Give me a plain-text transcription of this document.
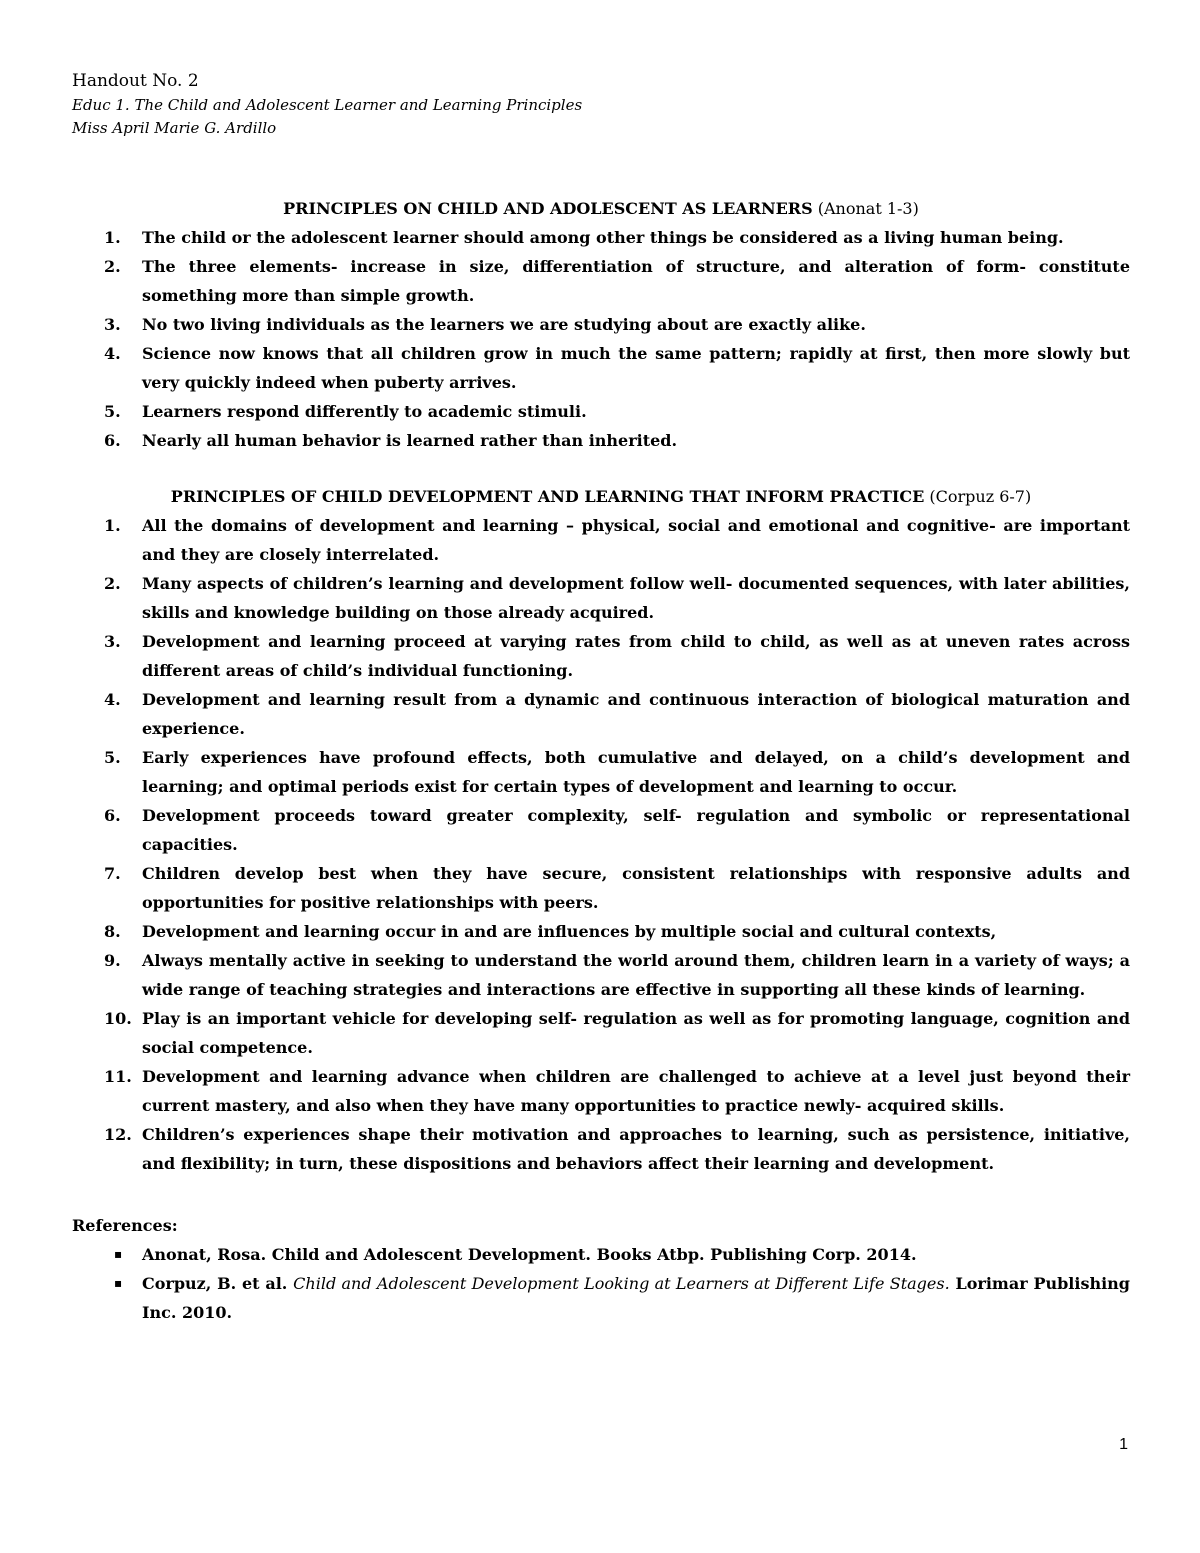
Handout No. 2
Educ 1. The Child and Adolescent Learner and Learning Principles
Miss April Marie G. Ardillo

PRINCIPLES ON CHILD AND ADOLESCENT AS LEARNERS (Anonat 1-3)

1. The child or the adolescent learner should among other things be considered as a living human being.
2. The three elements- increase in size, differentiation of structure, and alteration of form- constitute something more than simple growth.
3. No two living individuals as the learners we are studying about are exactly alike.
4. Science now knows that all children grow in much the same pattern; rapidly at first, then more slowly but very quickly indeed when puberty arrives.
5. Learners respond differently to academic stimuli.
6. Nearly all human behavior is learned rather than inherited.

PRINCIPLES OF CHILD DEVELOPMENT AND LEARNING THAT INFORM PRACTICE (Corpuz 6-7)

1. All the domains of development and learning – physical, social and emotional and cognitive- are important and they are closely interrelated.
2. Many aspects of children’s learning and development follow well- documented sequences, with later abilities, skills and knowledge building on those already acquired.
3. Development and learning proceed at varying rates from child to child, as well as at uneven rates across different areas of child’s individual functioning.
4. Development and learning result from a dynamic and continuous interaction of biological maturation and experience.
5. Early experiences have profound effects, both cumulative and delayed, on a child’s development and learning; and optimal periods exist for certain types of development and learning to occur.
6. Development proceeds toward greater complexity, self- regulation and symbolic or representational capacities.
7. Children develop best when they have secure, consistent relationships with responsive adults and opportunities for positive relationships with peers.
8. Development and learning occur in and are influences by multiple social and cultural contexts,
9. Always mentally active in seeking to understand the world around them, children learn in a variety of ways; a wide range of teaching strategies and interactions are effective in supporting all these kinds of learning.
10. Play is an important vehicle for developing self- regulation as well as for promoting language, cognition and social competence.
11. Development and learning advance when children are challenged to achieve at a level just beyond their current mastery, and also when they have many opportunities to practice newly- acquired skills.
12. Children’s experiences shape their motivation and approaches to learning, such as persistence, initiative, and flexibility; in turn, these dispositions and behaviors affect their learning and development.
References:
▪ Anonat, Rosa. Child and Adolescent Development. Books Atbp. Publishing Corp. 2014.
▪ Corpuz, B. et al. Child and Adolescent Development Looking at Learners at Different Life Stages. Lorimar Publishing Inc. 2010.
1
